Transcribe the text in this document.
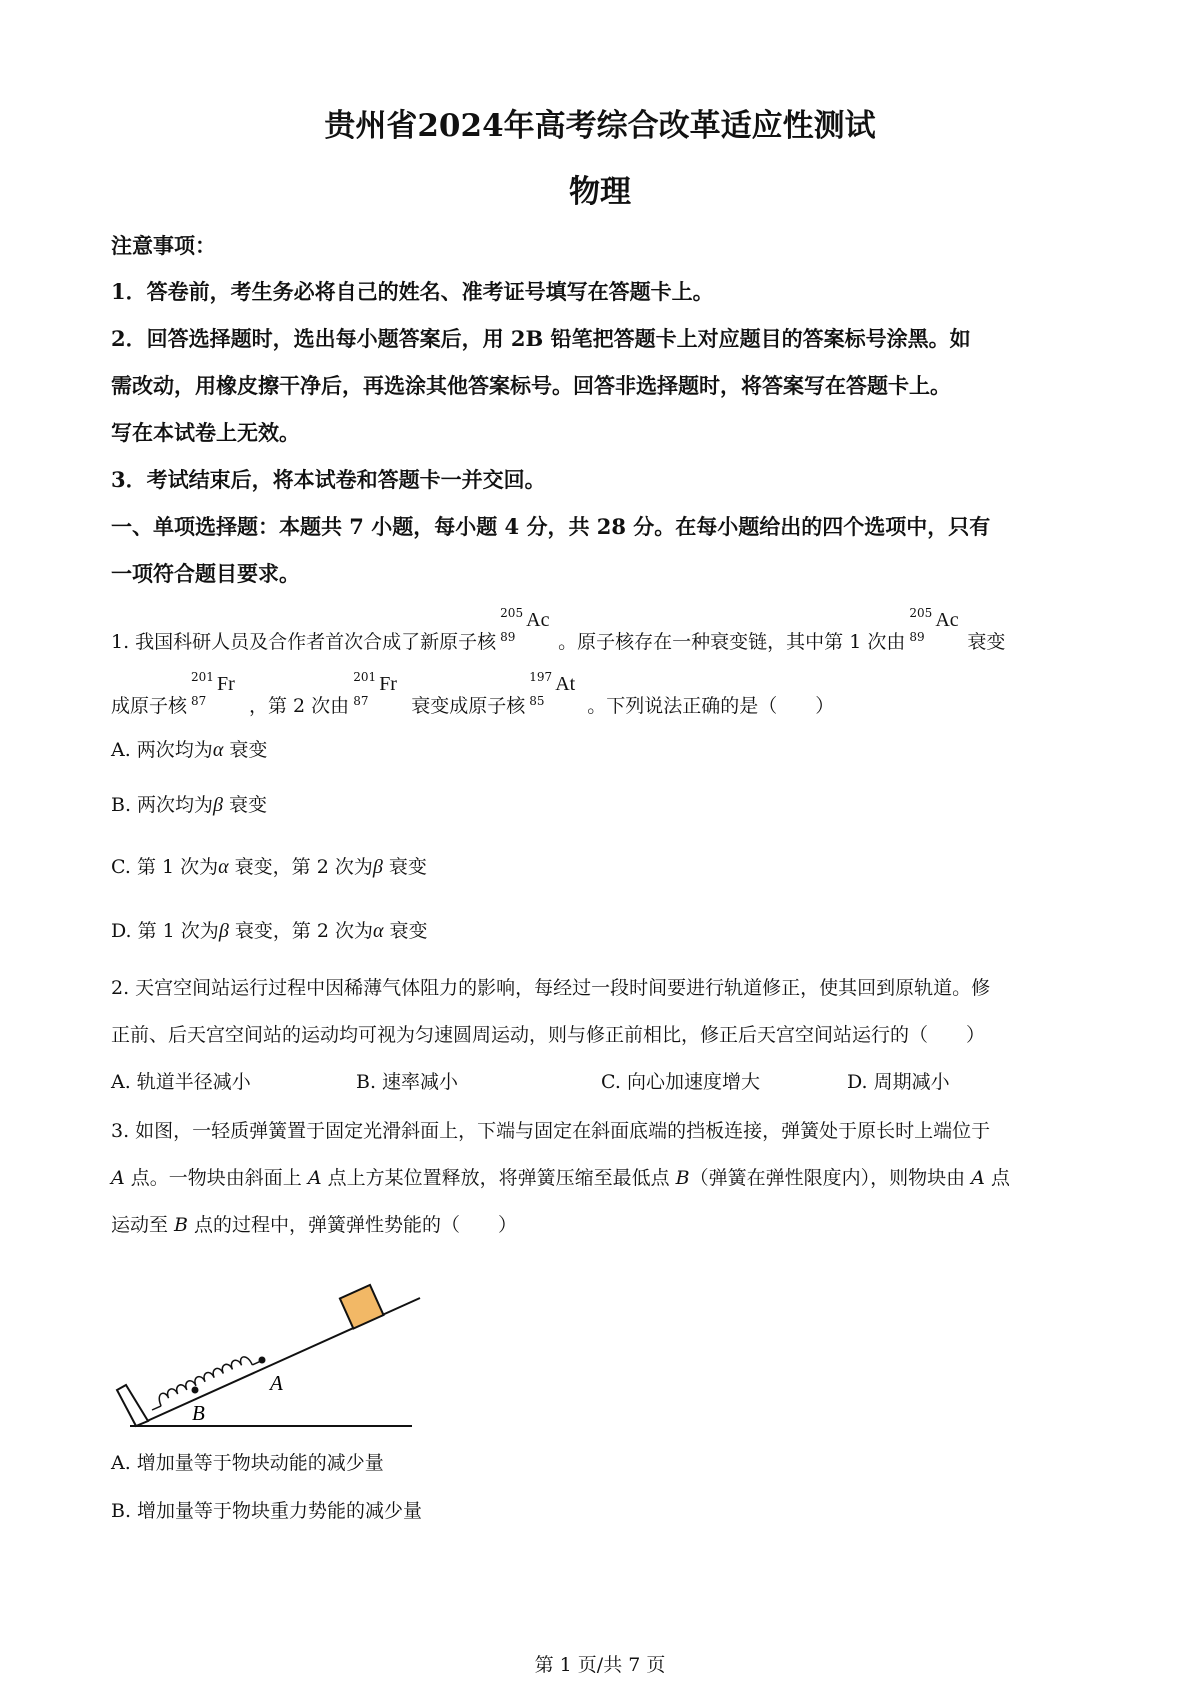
贵州省2024年高考综合改革适应性测试
物理
注意事项：
1．答卷前，考生务必将自己的姓名、准考证号填写在答题卡上。
2．回答选择题时，选出每小题答案后，用 2B 铅笔把答题卡上对应题目的答案标号涂黑。如
需改动，用橡皮擦干净后，再选涂其他答案标号。回答非选择题时，将答案写在答题卡上。
写在本试卷上无效。
3．考试结束后，将本试卷和答题卡一并交回。
一、单项选择题：本题共 7 小题，每小题 4 分，共 28 分。在每小题给出的四个选项中，只有
一项符合题目要求。
1. 我国科研人员及合作者首次合成了新原子核
205
89
Ac
。原子核存在一种衰变链，其中第 1 次由
205
89
Ac
衰变
成原子核
201
87
Fr
，第 2 次由
201
87
Fr
衰变成原子核
197
85
At
。下列说法正确的是（　　）
A. 两次均为α 衰变
B. 两次均为β 衰变
C. 第 1 次为α 衰变，第 2 次为β 衰变
D. 第 1 次为β 衰变，第 2 次为α 衰变
2. 天宫空间站运行过程中因稀薄气体阻力的影响，每经过一段时间要进行轨道修正，使其回到原轨道。修
正前、后天宫空间站的运动均可视为匀速圆周运动，则与修正前相比，修正后天宫空间站运行的（　　）
A. 轨道半径减小	B. 速率减小	C. 向心加速度增大	D. 周期减小
3. 如图，一轻质弹簧置于固定光滑斜面上，下端与固定在斜面底端的挡板连接，弹簧处于原长时上端位于
A 点。一物块由斜面上 A 点上方某位置释放，将弹簧压缩至最低点 B（弹簧在弹性限度内），则物块由 A 点
运动至 B 点的过程中，弹簧弹性势能的（　　）
A
B
A. 增加量等于物块动能的减少量
B. 增加量等于物块重力势能的减少量
第 1 页/共 7 页
